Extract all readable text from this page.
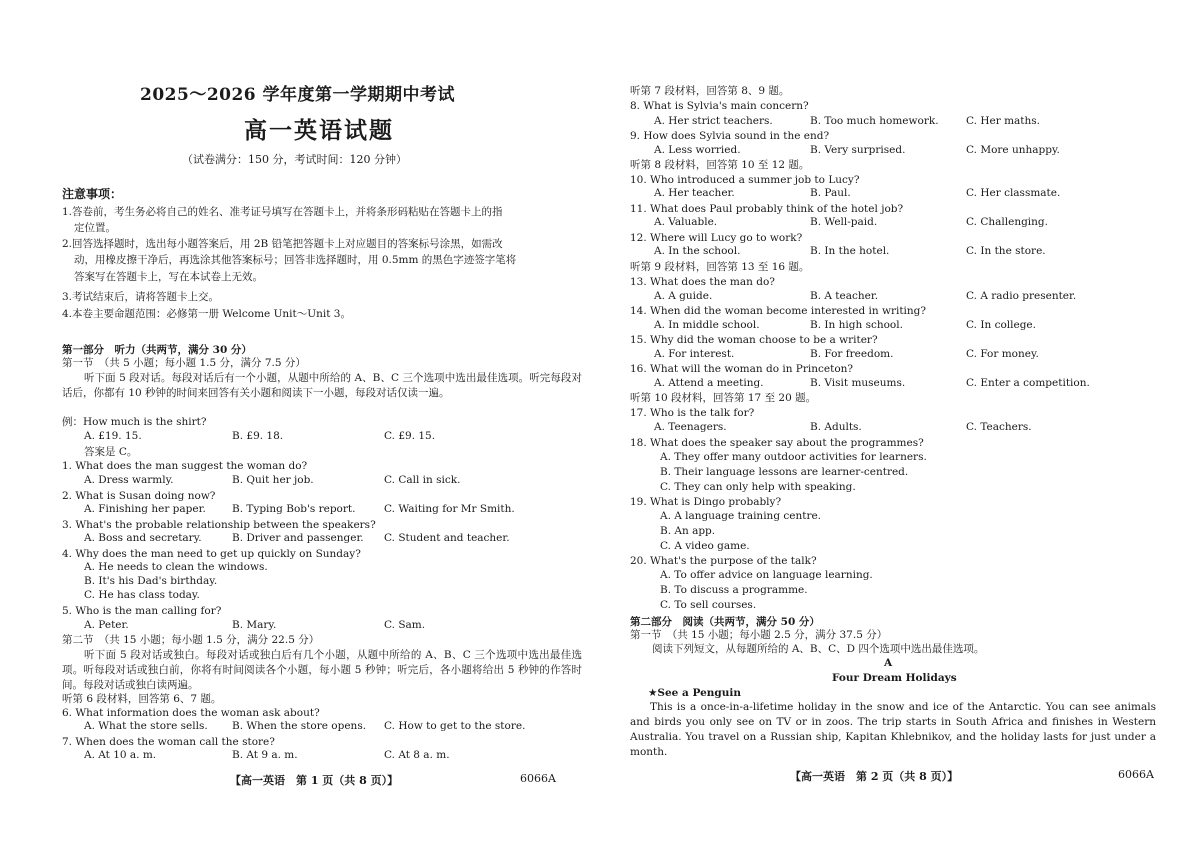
2025～2026 学年度第一学期期中考试
高一英语试题
（试卷满分：150 分，考试时间：120 分钟）
注意事项：
1.答卷前，考生务必将自己的姓名、准考证号填写在答题卡上，并将条形码粘贴在答题卡上的指
定位置。
2.回答选择题时，选出每小题答案后，用 2B 铅笔把答题卡上对应题目的答案标号涂黑，如需改
动，用橡皮擦干净后，再选涂其他答案标号；回答非选择题时，用 0.5mm 的黑色字迹签字笔将
答案写在答题卡上，写在本试卷上无效。
3.考试结束后，请将答题卡上交。
4.本卷主要命题范围：必修第一册 Welcome Unit～Unit 3。
第一部分　听力（共两节，满分 30 分）
第一节　（共 5 小题；每小题 1.5 分，满分 7.5 分）
听下面 5 段对话。每段对话后有一个小题，从题中所给的 A、B、C 三个选项中选出最佳选项。听完每段对话后，你都有 10 秒钟的时间来回答有关小题和阅读下一小题，每段对话仅读一遍。
例：How much is the shirt?
A. £19. 15.	B. £9. 18.	C. £9. 15.
答案是 C。
1. What does the man suggest the woman do?
A. Dress warmly.	B. Quit her job.	C. Call in sick.
2. What is Susan doing now?
A. Finishing her paper. B. Typing Bob's report.	C. Waiting for Mr Smith.
3. What's the probable relationship between the speakers?
A. Boss and secretary.	B. Driver and passenger. C. Student and teacher.
4. Why does the man need to get up quickly on Sunday?
A. He needs to clean the windows.
B. It's his Dad's birthday.
C. He has class today.
5. Who is the man calling for?
A. Peter.	B. Mary.	C. Sam.
第二节　（共 15 小题；每小题 1.5 分，满分 22.5 分）
听下面 5 段对话或独白。每段对话或独白后有几个小题，从题中所给的 A、B、C 三个选项中选出最佳选项。听每段对话或独白前，你将有时间阅读各个小题，每小题 5 秒钟；听完后，各小题将给出 5 秒钟的作答时间。每段对话或独白读两遍。
听第 6 段材料，回答第 6、7 题。
6. What information does the woman ask about?
A. What the store sells. B. When the store opens. C. How to get to the store.
7. When does the woman call the store?
A. At 10 a. m.	B. At 9 a. m.	C. At 8 a. m.
【高一英语　第 1 页（共 8 页）】	6066A
听第 7 段材料，回答第 8、9 题。
8. What is Sylvia's main concern?
A. Her strict teachers.	B. Too much homework.	C. Her maths.
9. How does Sylvia sound in the end?
A. Less worried.	B. Very surprised.	C. More unhappy.
听第 8 段材料，回答第 10 至 12 题。
10. Who introduced a summer job to Lucy?
A. Her teacher.	B. Paul.	C. Her classmate.
11. What does Paul probably think of the hotel job?
A. Valuable.	B. Well-paid.	C. Challenging.
12. Where will Lucy go to work?
A. In the school.	B. In the hotel.	C. In the store.
听第 9 段材料，回答第 13 至 16 题。
13. What does the man do?
A. A guide.	B. A teacher.	C. A radio presenter.
14. When did the woman become interested in writing?
A. In middle school.	B. In high school.	C. In college.
15. Why did the woman choose to be a writer?
A. For interest.	B. For freedom.	C. For money.
16. What will the woman do in Princeton?
A. Attend a meeting.	B. Visit museums.	C. Enter a competition.
听第 10 段材料，回答第 17 至 20 题。
17. Who is the talk for?
A. Teenagers.	B. Adults.	C. Teachers.
18. What does the speaker say about the programmes?
A. They offer many outdoor activities for learners.
B. Their language lessons are learner-centred.
C. They can only help with speaking.
19. What is Dingo probably?
A. A language training centre.
B. An app.
C. A video game.
20. What's the purpose of the talk?
A. To offer advice on language learning.
B. To discuss a programme.
C. To sell courses.
第二部分　阅读（共两节，满分 50 分）
第一节　（共 15 小题；每小题 2.5 分，满分 37.5 分）
阅读下列短文，从每题所给的 A、B、C、D 四个选项中选出最佳选项。
A
Four Dream Holidays
★See a Penguin
This is a once-in-a-lifetime holiday in the snow and ice of the Antarctic. You can see animals and birds you only see on TV or in zoos. The trip starts in South Africa and finishes in Western Australia. You travel on a Russian ship, Kapitan Khlebnikov, and the holiday lasts for just under a month.
【高一英语　第 2 页（共 8 页）】	6066A
